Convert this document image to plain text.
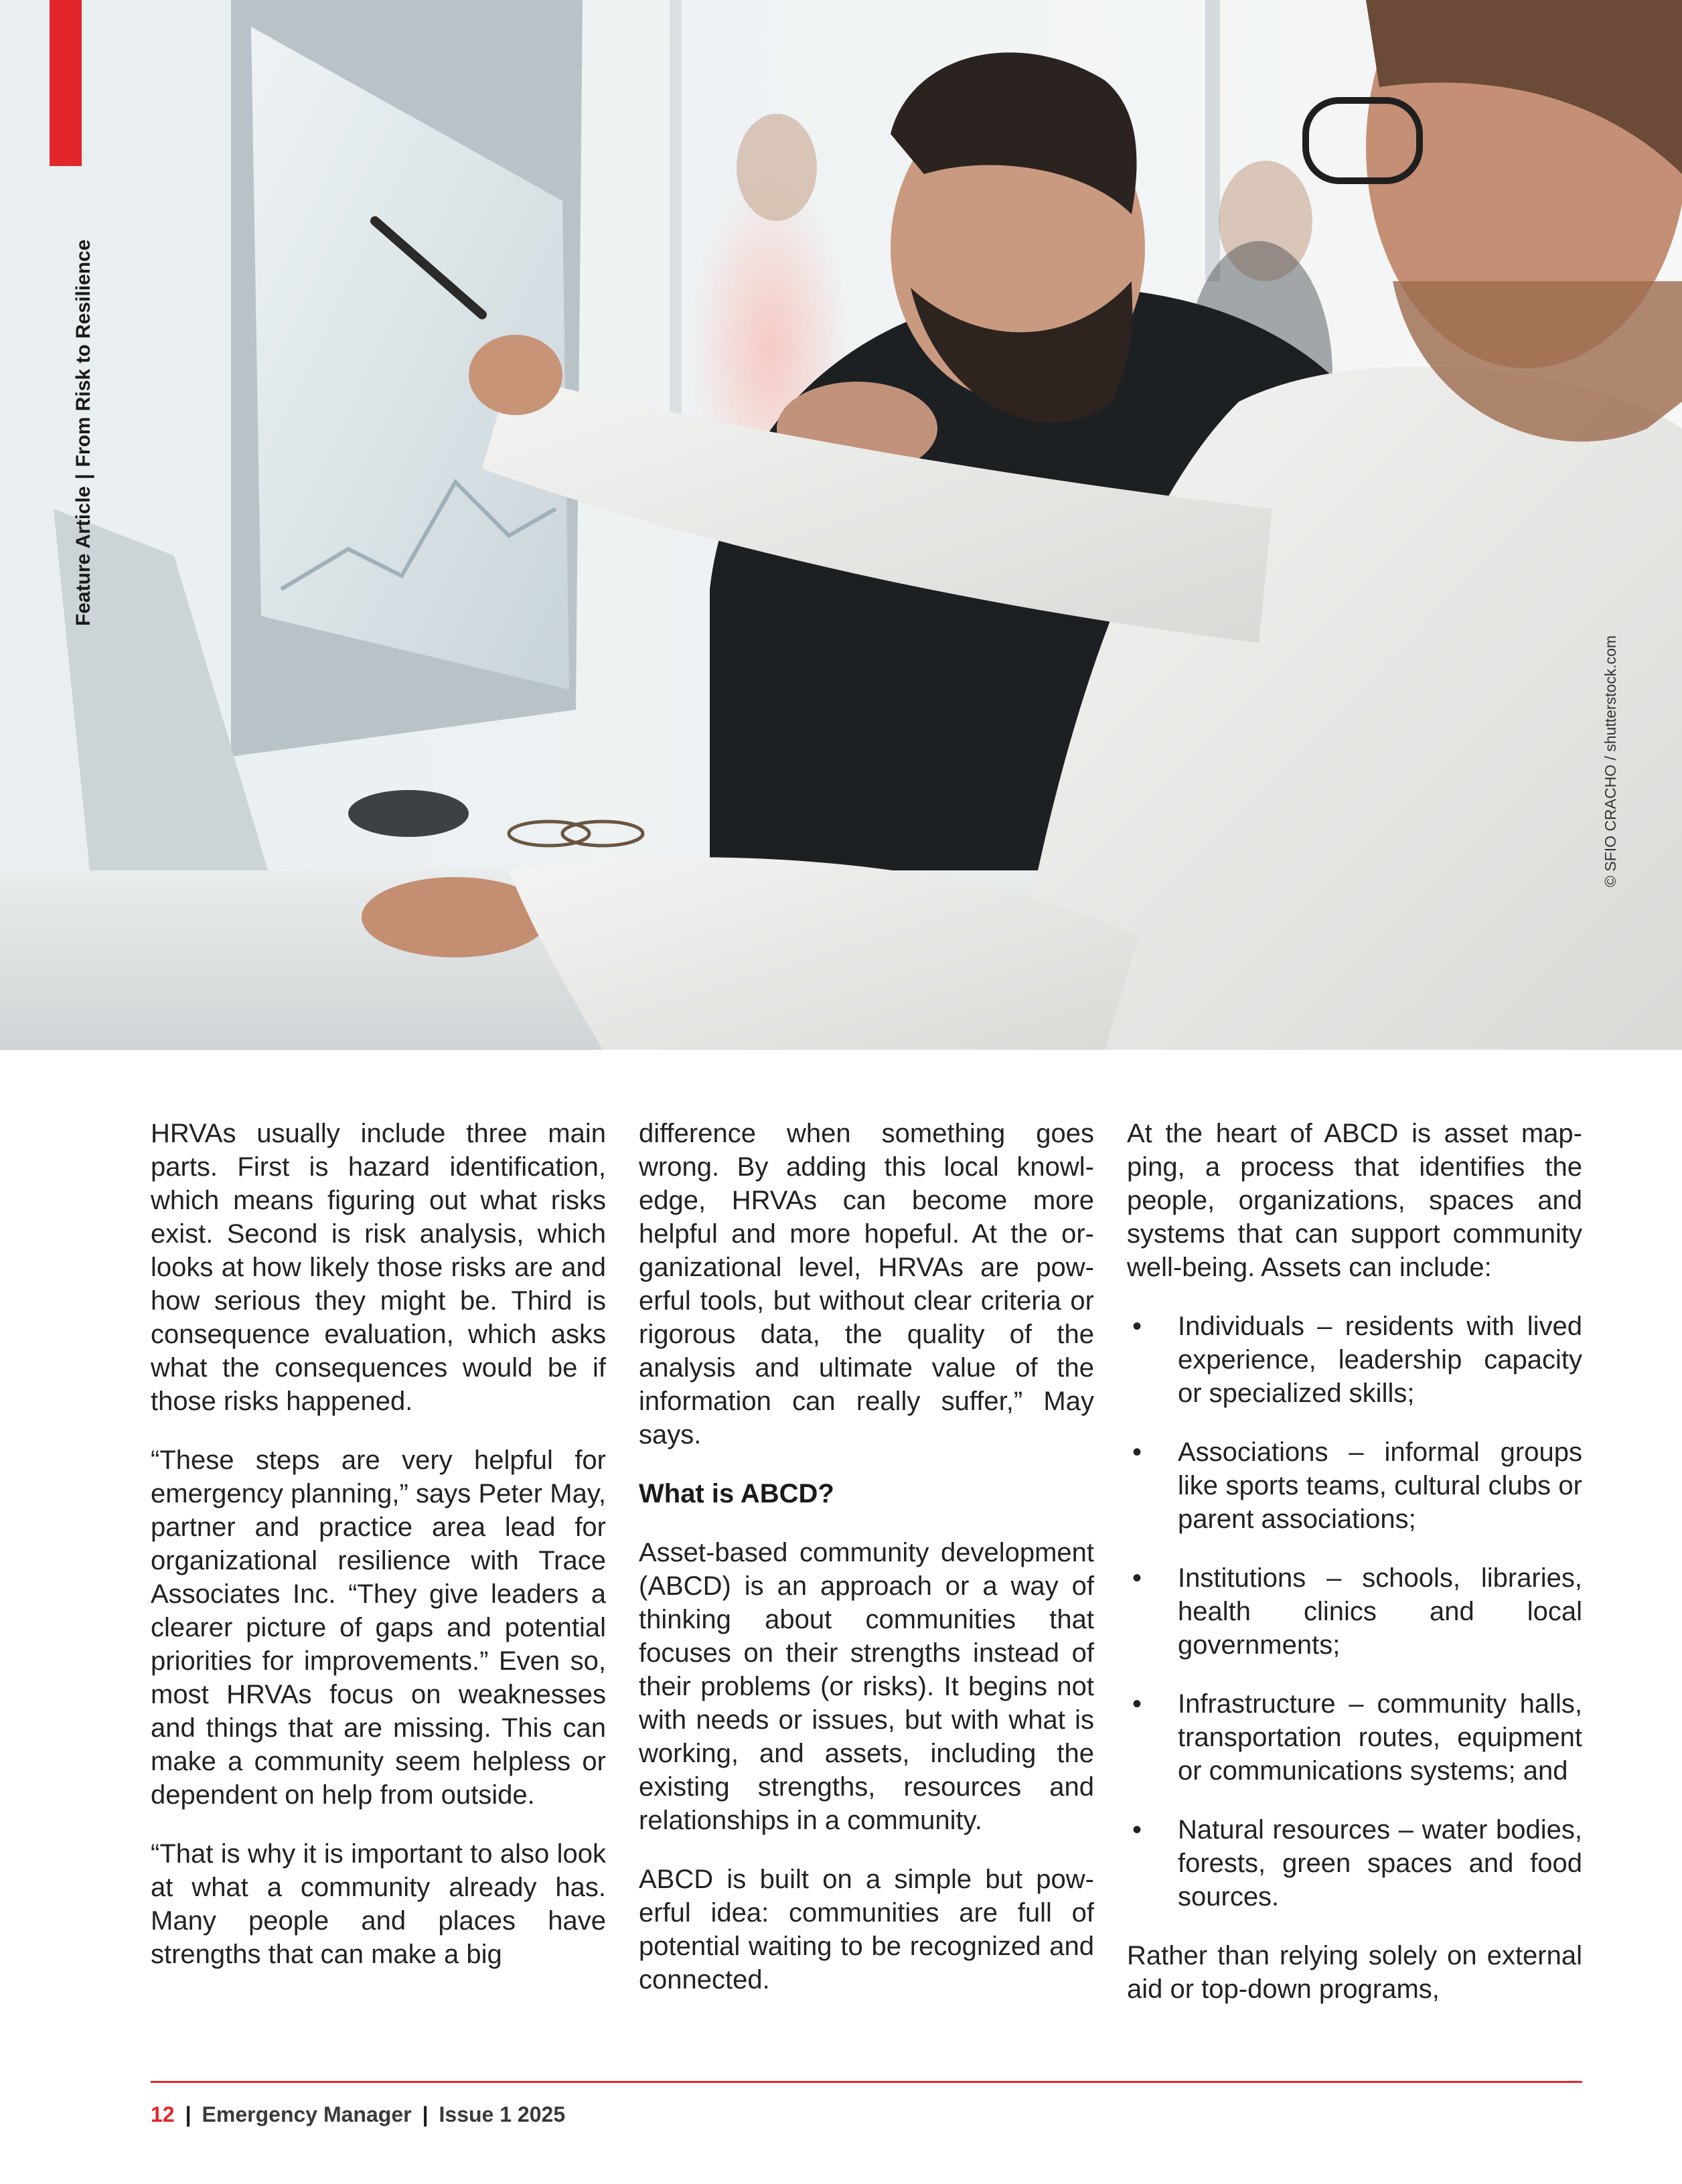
Feature Article|From Risk to Resilience
© SFIO CRACHO / shutterstock.com

HRVAs usually include three main parts. First is hazard identification, which means figuring out what risks exist. Second is risk analysis, which looks at how likely those risks are and how serious they might be. Third is consequence evaluation, which asks what the consequences would be if those risks happened.

“These steps are very helpful for emergency planning,” says Peter May, partner and practice area lead for organizational resilience with Trace Associates Inc. “They give leaders a clearer picture of gaps and potential priorities for improvements.” Even so, most HRVAs focus on weaknesses and things that are missing. This can make a community seem helpless or dependent on help from outside.

“That is why it is important to also look at what a community already has. Many people and places have strengths that can make a big

difference when something goes wrong. By adding this local knowledge, HRVAs can become more helpful and more hopeful. At the organizational level, HRVAs are powerful tools, but without clear criteria or rigorous data, the quality of the analysis and ultimate value of the information can really suffer,” May says.

What is ABCD?

Asset-based community development (ABCD) is an approach or a way of thinking about communities that focuses on their strengths instead of their problems (or risks). It begins not with needs or issues, but with what is working, and assets, including the existing strengths, resources and relationships in a community.

ABCD is built on a simple but powerful idea: communities are full of potential waiting to be recognized and connected.

At the heart of ABCD is asset mapping, a process that identifies the people, organizations, spaces and systems that can support community well-being. Assets can include:

• Individuals – residents with lived experience, leadership capacity or specialized skills;
• Associations – informal groups like sports teams, cultural clubs or parent associations;
• Institutions – schools, libraries, health clinics and local governments;
• Infrastructure – community halls, transportation routes, equipment or communications systems; and
• Natural resources – water bodies, forests, green spaces and food sources.

Rather than relying solely on external aid or top-down programs,

12 | Emergency Manager | Issue 1 2025
